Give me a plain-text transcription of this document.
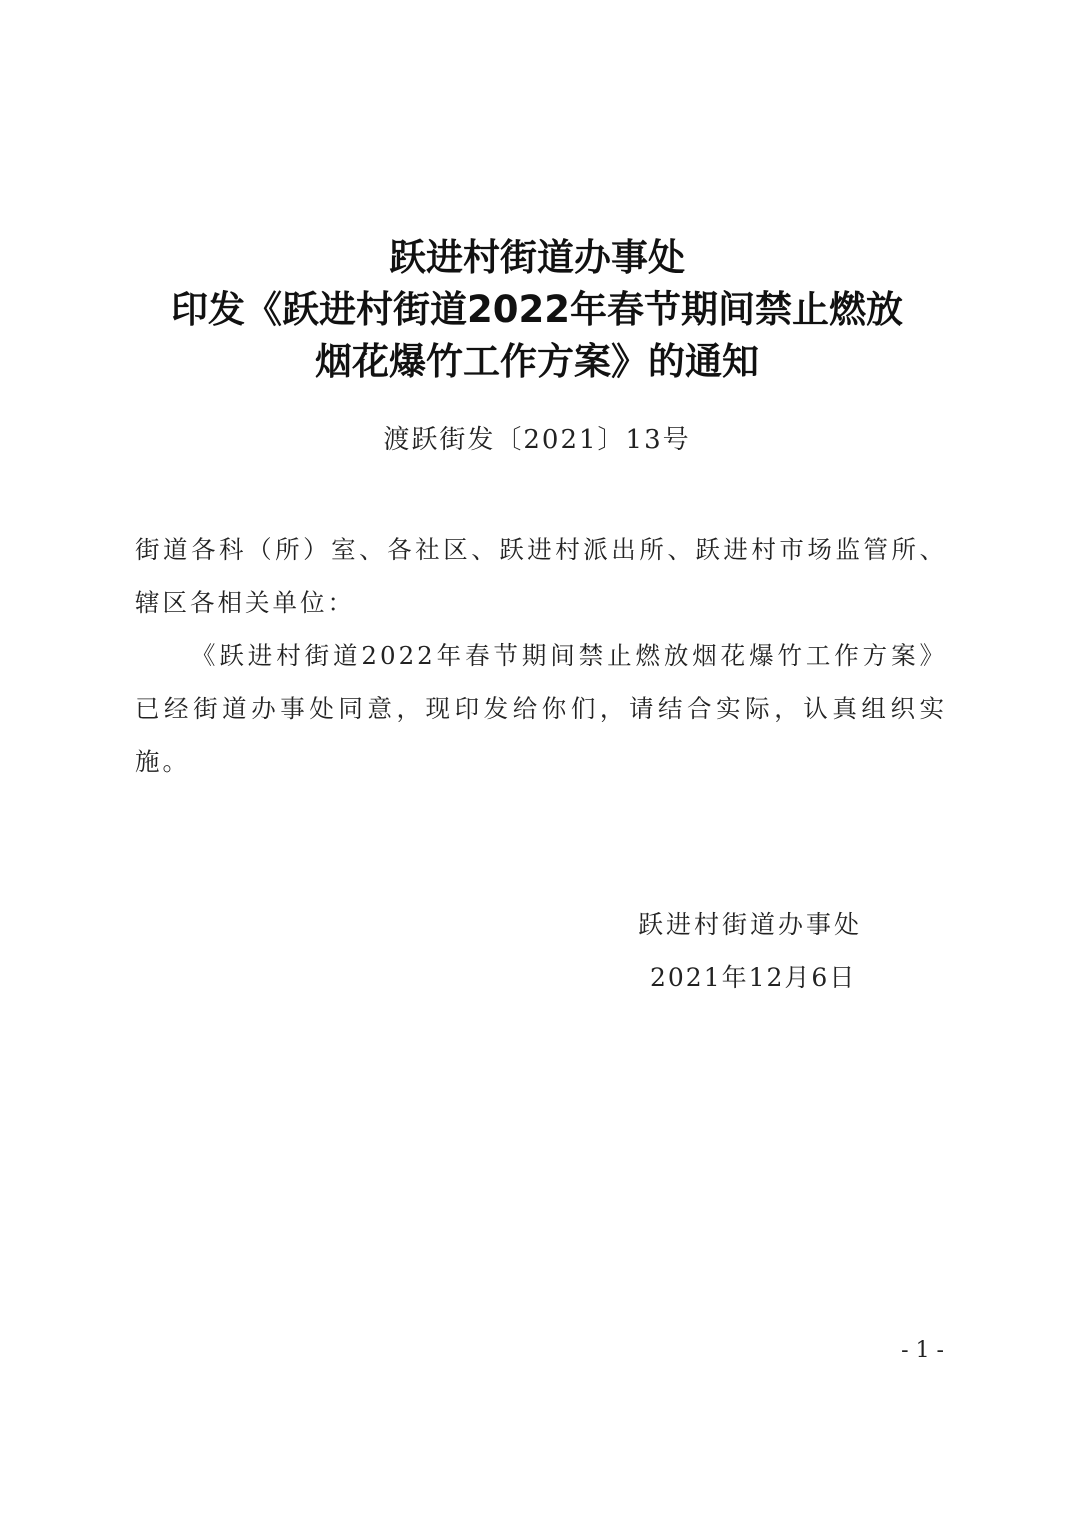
跃进村街道办事处
印发《跃进村街道2022年春节期间禁止燃放
烟花爆竹工作方案》的通知
渡跃街发〔2021〕13号

街道各科（所）室、各社区、跃进村派出所、跃进村市场监管所、辖区各相关单位：

《跃进村街道2022年春节期间禁止燃放烟花爆竹工作方案》已经街道办事处同意，现印发给你们，请结合实际，认真组织实施。

跃进村街道办事处
2021年12月6日
- 1 -
